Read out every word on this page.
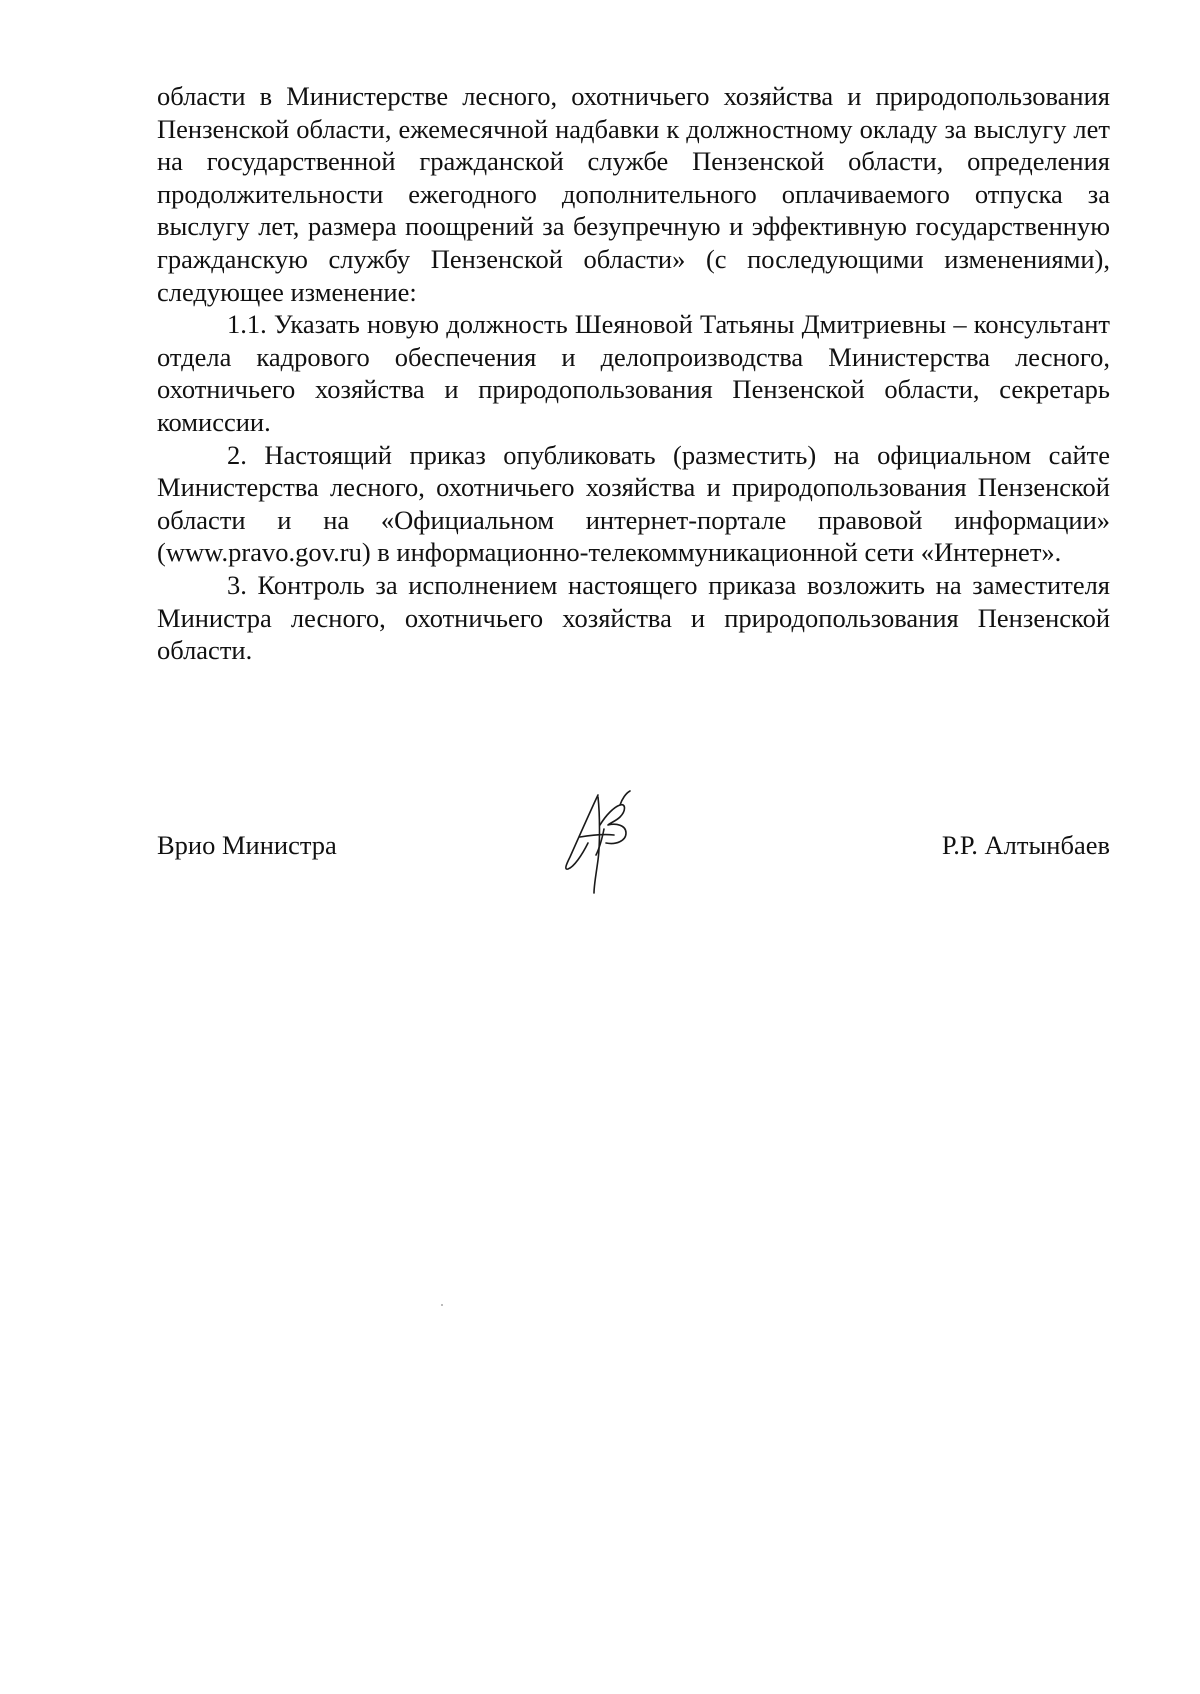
области в Министерстве лесного, охотничьего хозяйства и природопользования Пензенской области, ежемесячной надбавки к должностному окладу за выслугу лет на государственной гражданской службе Пензенской области, определения продолжительности ежегодного дополнительного оплачиваемого отпуска за выслугу лет, размера поощрений за безупречную и эффективную государственную гражданскую службу Пензенской области» (с последующими изменениями), следующее изменение:

1.1. Указать новую должность Шеяновой Татьяны Дмитриевны – консультант отдела кадрового обеспечения и делопроизводства Министерства лесного, охотничьего хозяйства и природопользования Пензенской области, секретарь комиссии.

2. Настоящий приказ опубликовать (разместить) на официальном сайте Министерства лесного, охотничьего хозяйства и природопользования Пензенской области и на «Официальном интернет-портале правовой информации» (www.pravo.gov.ru) в информационно-телекоммуникационной сети «Интернет».

3. Контроль за исполнением настоящего приказа возложить на заместителя Министра лесного, охотничьего хозяйства и природопользования Пензенской области.

Врио Министра	Р.Р. Алтынбаев
